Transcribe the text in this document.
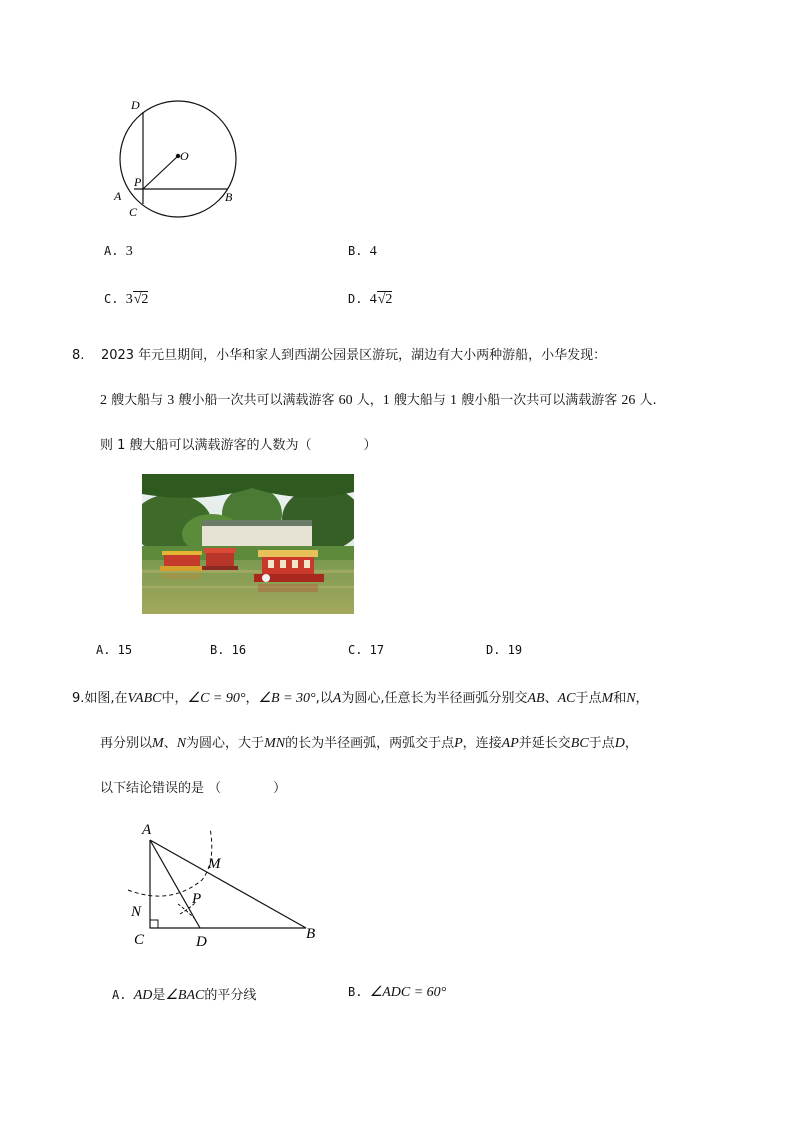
D
O
A
P
B
C
A. 3	B. 4
C. 3√2	D. 4√2
8. 2023 年元旦期间，小华和家人到西湖公园景区游玩，湖边有大小两种游船，小华发现：
2 艘大船与 3 艘小船一次共可以满载游客 60 人，1 艘大船与 1 艘小船一次共可以满载游客 26 人.
则 1 艘大船可以满载游客的人数为（　　　　）
A. 15	B. 16	C. 17	D. 19
9.如图,在VABC中，∠C = 90°，∠B = 30°,以A为圆心,任意长为半径画弧分别交AB、AC于点M和N，
再分别以M、N为圆心，大于MN的长为半径画弧，两弧交于点P，连接AP并延长交BC于点D，
以下结论错误的是 （　　　　）
A
M
N
P
C	D	B
A. AD是∠BAC的平分线	B. ∠ADC = 60°
